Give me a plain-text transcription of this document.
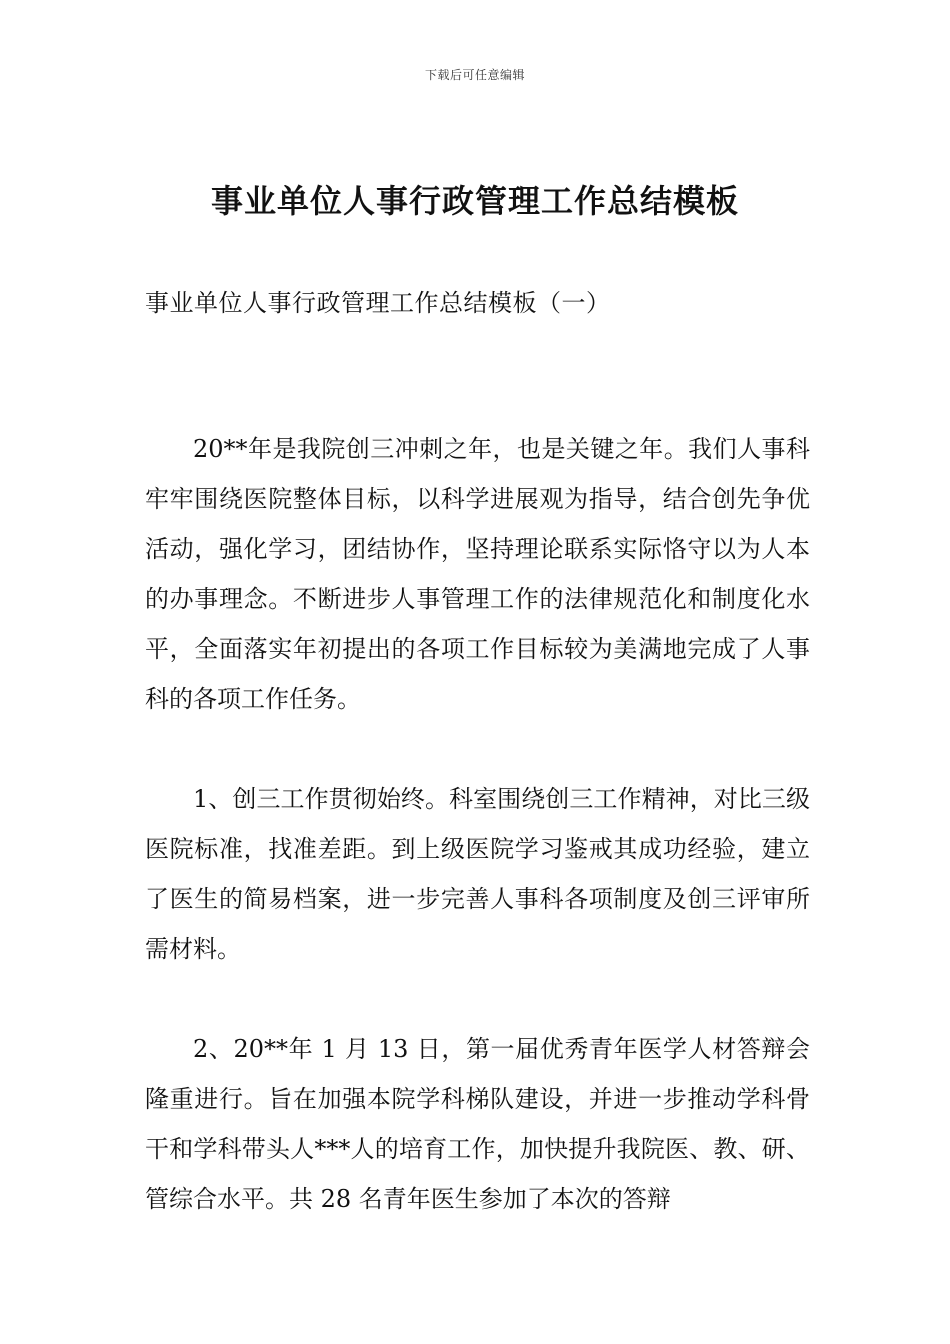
下载后可任意编辑
事业单位人事行政管理工作总结模板

事业单位人事行政管理工作总结模板（一）

20**年是我院创三冲刺之年，也是关键之年。我们人事科牢牢围绕医院整体目标，以科学进展观为指导，结合创先争优活动，强化学习，团结协作，坚持理论联系实际恪守以为人本的办事理念。不断进步人事管理工作的法律规范化和制度化水平，全面落实年初提出的各项工作目标较为美满地完成了人事科的各项工作任务。

1、创三工作贯彻始终。科室围绕创三工作精神，对比三级医院标准，找准差距。到上级医院学习鉴戒其成功经验，建立了医生的简易档案，进一步完善人事科各项制度及创三评审所需材料。

2、20**年 1 月 13 日，第一届优秀青年医学人材答辩会隆重进行。旨在加强本院学科梯队建设，并进一步推动学科骨干和学科带头人***人的培育工作，加快提升我院医、教、研、管综合水平。共 28 名青年医生参加了本次的答辩
